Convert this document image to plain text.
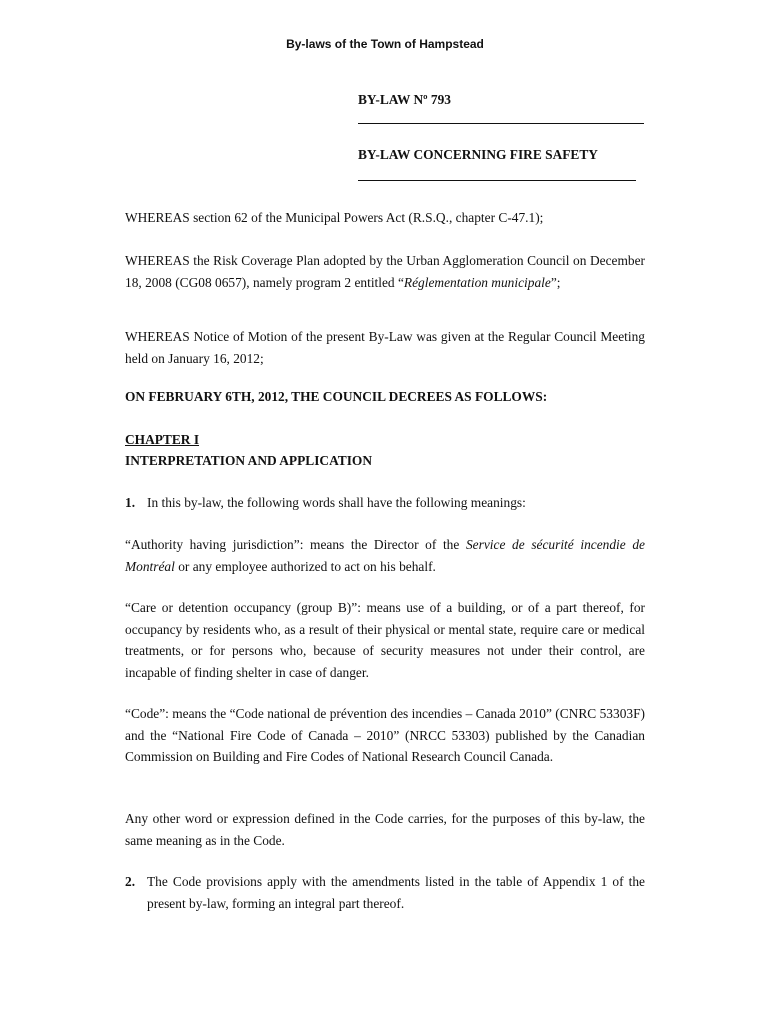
By-laws of the Town of Hampstead
BY-LAW Nº 793
BY-LAW CONCERNING FIRE SAFETY
WHEREAS section 62 of the Municipal Powers Act (R.S.Q., chapter C-47.1);
WHEREAS the Risk Coverage Plan adopted by the Urban Agglomeration Council on December 18, 2008 (CG08 0657), namely program 2 entitled “Réglementation municipale”;
WHEREAS Notice of Motion of the present By-Law was given at the Regular Council Meeting held on January 16, 2012;
ON FEBRUARY 6TH, 2012, THE COUNCIL DECREES AS FOLLOWS:
CHAPTER I
INTERPRETATION AND APPLICATION
1. In this by-law, the following words shall have the following meanings:
“Authority having jurisdiction”: means the Director of the Service de sécurité incendie de Montréal or any employee authorized to act on his behalf.
“Care or detention occupancy (group B)”: means use of a building, or of a part thereof, for occupancy by residents who, as a result of their physical or mental state, require care or medical treatments, or for persons who, because of security measures not under their control, are incapable of finding shelter in case of danger.
“Code”: means the “Code national de prévention des incendies – Canada 2010” (CNRC 53303F) and the “National Fire Code of Canada – 2010” (NRCC 53303) published by the Canadian Commission on Building and Fire Codes of National Research Council Canada.
Any other word or expression defined in the Code carries, for the purposes of this by-law, the same meaning as in the Code.
2. The Code provisions apply with the amendments listed in the table of Appendix 1 of the present by-law, forming an integral part thereof.
